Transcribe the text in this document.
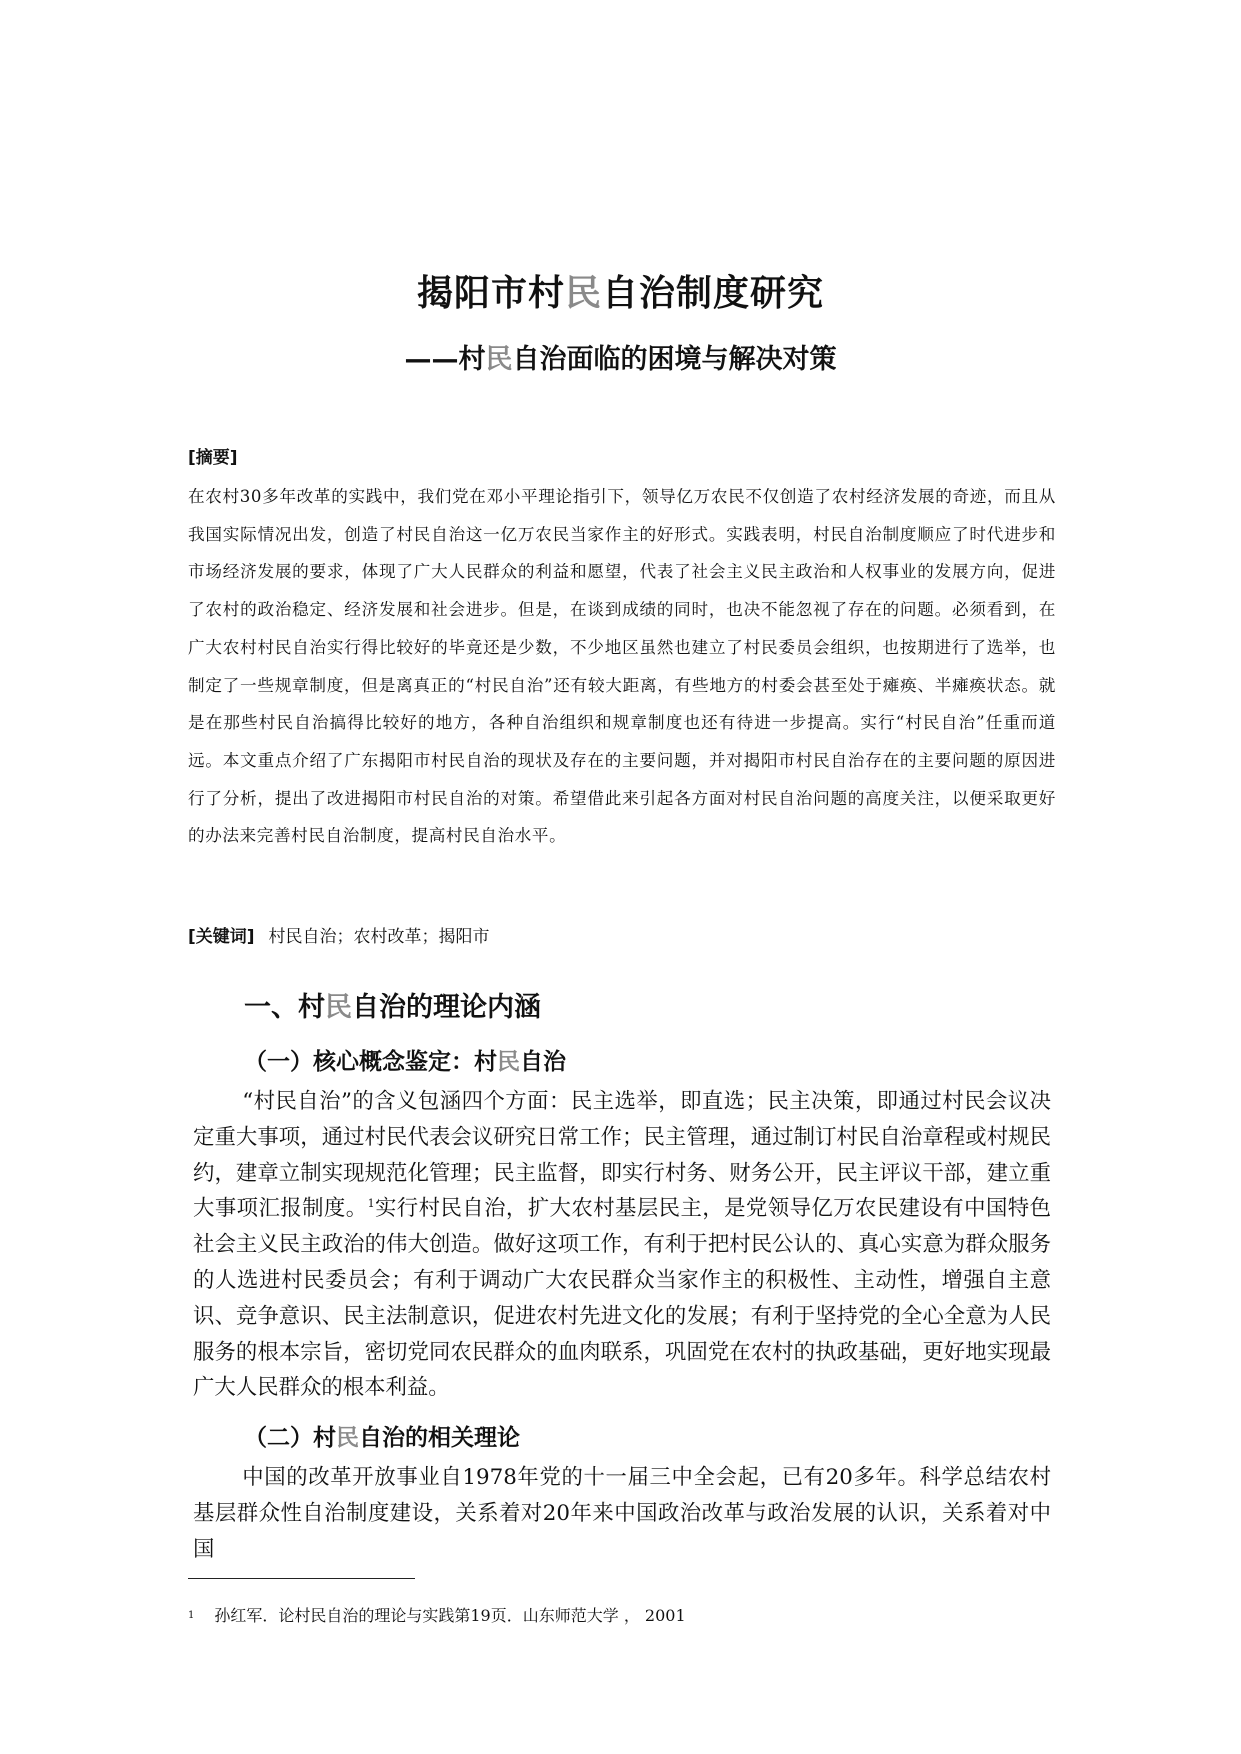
揭阳市村民自治制度研究
——村民自治面临的困境与解决对策
[摘要]

在农村30多年改革的实践中，我们党在邓小平理论指引下，领导亿万农民不仅创造了农村经济发展的奇迹，而且从我国实际情况出发，创造了村民自治这一亿万农民当家作主的好形式。实践表明，村民自治制度顺应了时代进步和市场经济发展的要求，体现了广大人民群众的利益和愿望，代表了社会主义民主政治和人权事业的发展方向，促进了农村的政治稳定、经济发展和社会进步。但是，在谈到成绩的同时，也决不能忽视了存在的问题。必须看到，在广大农村村民自治实行得比较好的毕竟还是少数，不少地区虽然也建立了村民委员会组织，也按期进行了选举，也制定了一些规章制度，但是离真正的“村民自治”还有较大距离，有些地方的村委会甚至处于瘫痪、半瘫痪状态。就是在那些村民自治搞得比较好的地方，各种自治组织和规章制度也还有待进一步提高。实行“村民自治”任重而道远。本文重点介绍了广东揭阳市村民自治的现状及存在的主要问题，并对揭阳市村民自治存在的主要问题的原因进行了分析，提出了改进揭阳市村民自治的对策。希望借此来引起各方面对村民自治问题的高度关注，以便采取更好的办法来完善村民自治制度，提高村民自治水平。

[关键词] 村民自治；农村改革；揭阳市
一、村民自治的理论内涵
（一）核心概念鉴定：村民自治

“村民自治”的含义包涵四个方面：民主选举，即直选；民主决策，即通过村民会议决定重大事项，通过村民代表会议研究日常工作；民主管理，通过制订村民自治章程或村规民约，建章立制实现规范化管理；民主监督，即实行村务、财务公开，民主评议干部，建立重大事项汇报制度。$^1$实行村民自治，扩大农村基层民主，是党领导亿万农民建设有中国特色社会主义民主政治的伟大创造。做好这项工作，有利于把村民公认的、真心实意为群众服务的人选进村民委员会；有利于调动广大农民群众当家作主的积极性、主动性，增强自主意识、竞争意识、民主法制意识，促进农村先进文化的发展；有利于坚持党的全心全意为人民服务的根本宗旨，密切党同农民群众的血肉联系，巩固党在农村的执政基础，更好地实现最广大人民群众的根本利益。

（二）村民自治的相关理论

中国的改革开放事业自1978年党的十一届三中全会起，已有20多年。科学总结农村基层群众性自治制度建设，关系着对20年来中国政治改革与政治发展的认识，关系着对中国

$^1$ 孙红军．论村民自治的理论与实践第19页．山东师范大学 ， 2001
